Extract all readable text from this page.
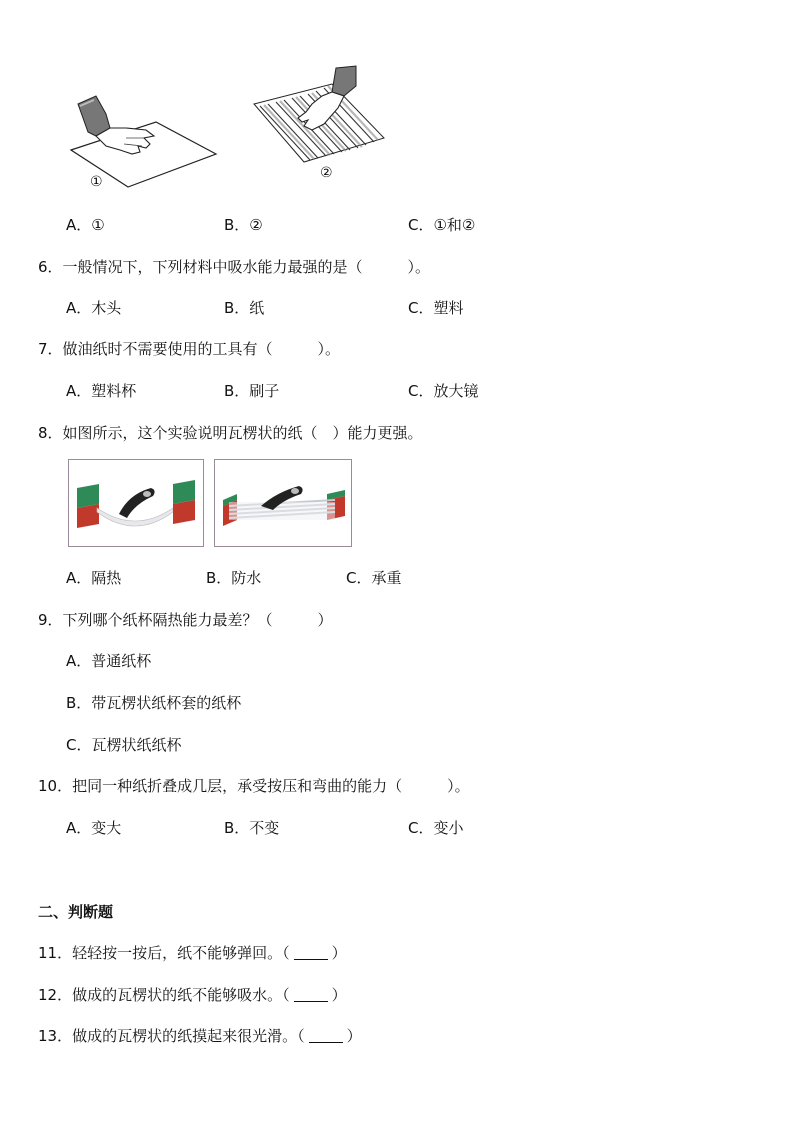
①
②
A．①	B．②	C．①和②
6．一般情况下，下列材料中吸水能力最强的是（　　　）。
A．木头	B．纸	C．塑料
7．做油纸时不需要使用的工具有（　　　）。
A．塑料杯	B．刷子	C．放大镜
8．如图所示，这个实验说明瓦楞状的纸（　）能力更强。
A．隔热	B．防水	C．承重
9．下列哪个纸杯隔热能力最差？（　　　）
A．普通纸杯
B．带瓦楞状纸杯套的纸杯
C．瓦楞状纸纸杯
10．把同一种纸折叠成几层，承受按压和弯曲的能力（　　　）。
A．变大	B．不变	C．变小
二、判断题
11．轻轻按一按后，纸不能够弹回。（	）
12．做成的瓦楞状的纸不能够吸水。（	）
13．做成的瓦楞状的纸摸起来很光滑。（	）
